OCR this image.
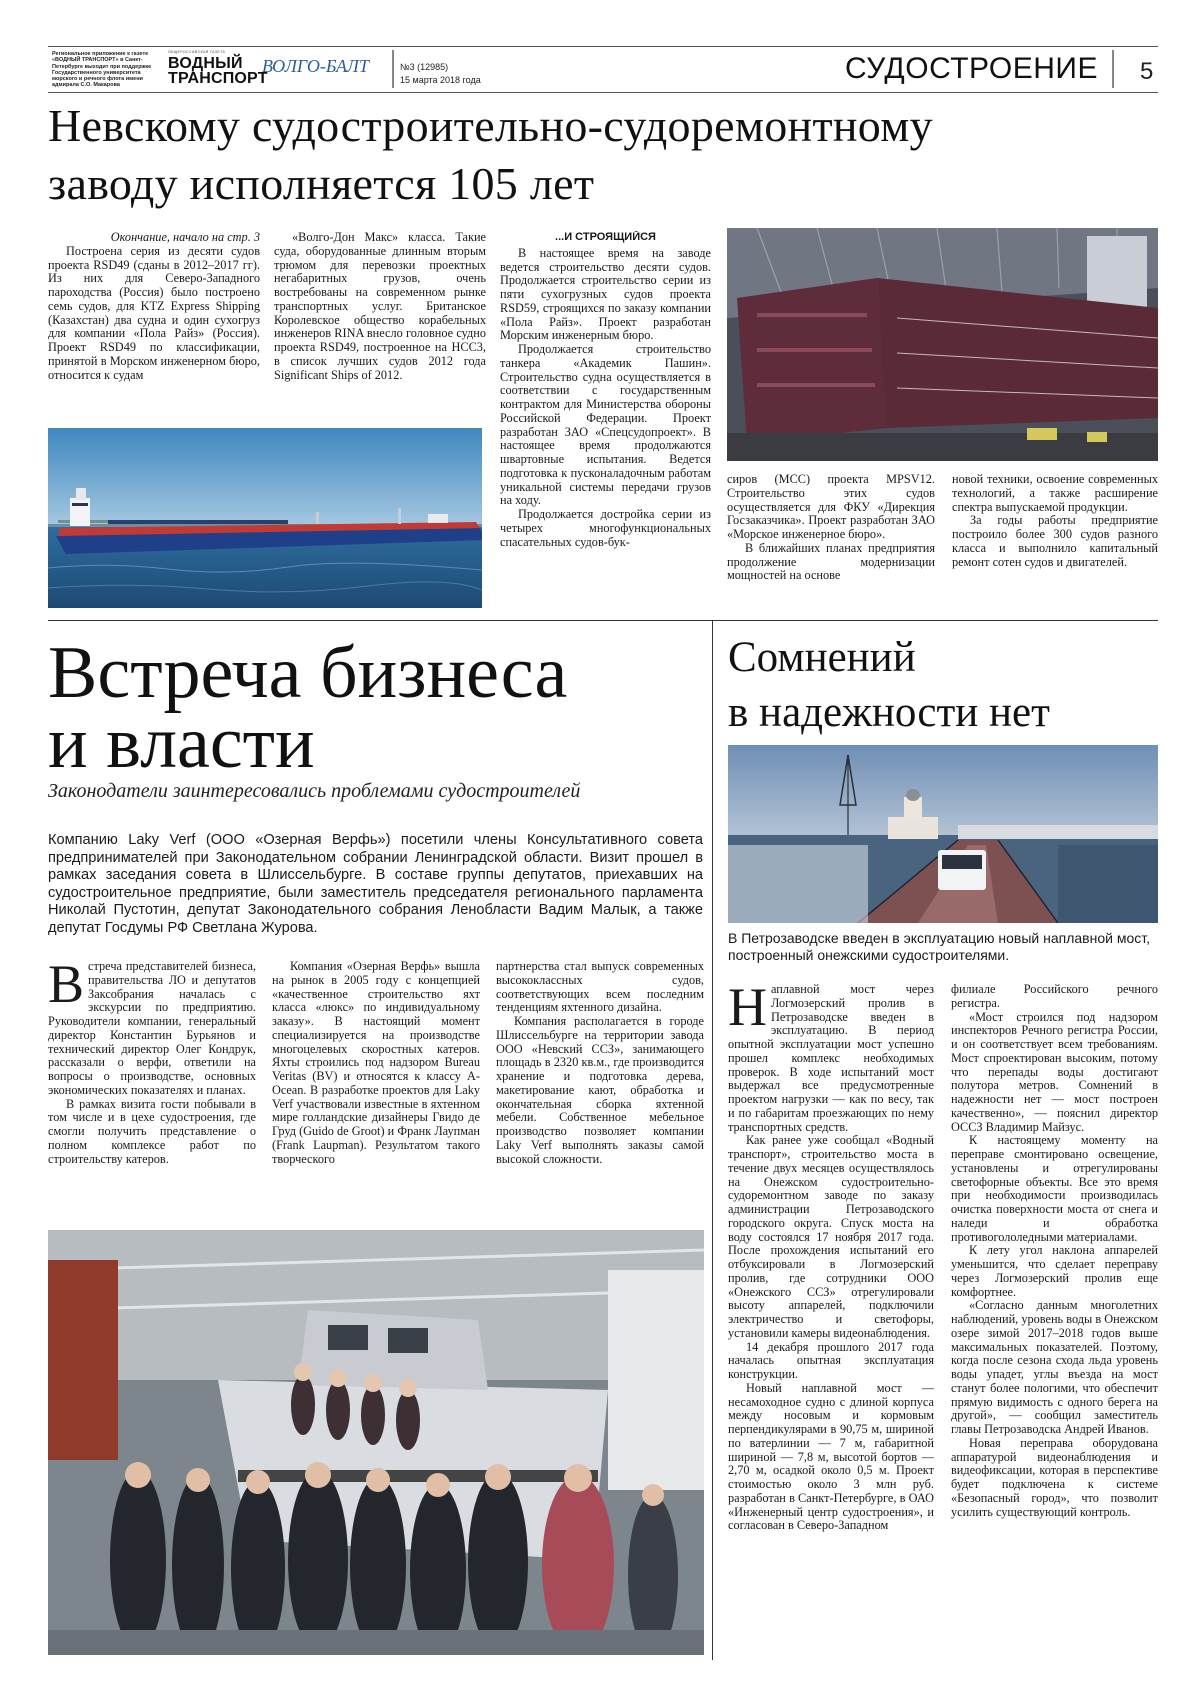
Региональное приложение к газете «ВОДНЫЙ ТРАНСПОРТ» в Санкт-Петербурге выходит при поддержке Государственного университета морского и речного флота имени адмирала С.О. Макарова
ОБЩЕРОССИЙСКАЯ ГАЗЕТА
ВОДНЫЙ
ТРАНСПОРТ
ВОЛГО-БАЛТ	№3 (12985)
15 марта 2018 года	СУДОСТРОЕНИЕ 5
Невскому судостроительно-судоремонтному
заводу исполняется 105 лет

Окончание, начало на стр. 3

Построена серия из десяти судов проекта RSD49 (сданы в 2012–2017 гг). Из них для Северо-Западного пароходства (Россия) было построено семь судов, для KTZ Express Shipping (Казахстан) два судна и один сухогруз для компании «Пола Райз» (Россия). Проект RSD49 по классификации, принятой в Морском инженерном бюро, относится к судам

«Волго-Дон Макс» класса. Такие суда, оборудованные длинным вторым трюмом для перевозки проектных негабаритных грузов, очень востребованы на современном рынке транспортных услуг. Британское Королевское общество корабельных инженеров RINA внесло головное судно проекта RSD49, построенное на НСС3, в список лучших судов 2012 года Significant Ships of 2012.

...И СТРОЯЩИЙСЯ

В настоящее время на заводе ведется строительство десяти судов. Продолжается строительство серии из пяти сухогрузных судов проекта RSD59, строящихся по заказу компании «Пола Райз». Проект разработан Морским инженерным бюро.

Продолжается строительство танкера «Академик Пашин». Строительство судна осуществляется в соответствии с государственным контрактом для Министерства обороны Российской Федерации. Проект разработан ЗАО «Спецсудопроект». В настоящее время продолжаются швартовные испытания. Ведется подготовка к пусконаладочным работам уникальной системы передачи грузов на ходу.

Продолжается достройка серии из четырех многофункциональных спасательных судов-бук-

сиров (МСС) проекта MPSV12. Строительство этих судов осуществляется для ФКУ «Дирекция Госзаказчика». Проект разработан ЗАО «Морское инженерное бюро».

В ближайших планах предприятия продолжение модернизации мощностей на основе

новой техники, освоение современных технологий, а также расширение спектра выпускаемой продукции.

За годы работы предприятие построило более 300 судов разного класса и выполнило капитальный ремонт сотен судов и двигателей.

Встреча бизнеса
и власти
Законодатели заинтересовались проблемами судостроителей
Компанию Laky Verf (ООО «Озерная Верфь») посетили члены Консультативного совета предпринимателей при Законодательном собрании Ленинградской области. Визит прошел в рамках заседания совета в Шлиссельбурге. В составе группы депутатов, приехавших на судостроительное предприятие, были заместитель председателя регионального парламента Николай Пустотин, депутат Законодательного собрания Ленобласти Вадим Малык, а также депутат Госдумы РФ Светлана Журова.
В стреча представителей бизнеса, правительства ЛО и депутатов Заксобрания началась с экскурсии по предприятию. Руководители компании, генеральный директор Константин Бурьянов и технический директор Олег Кондрук, рассказали о верфи, ответили на вопросы о производстве, основных экономических показателях и планах.

В рамках визита гости побывали в том числе и в цехе судостроения, где смогли получить представление о полном комплексе работ по строительству катеров.

Компания «Озерная Верфь» вышла на рынок в 2005 году с концепцией «качественное строительство яхт класса «люкс» по индивидуальному заказу». В настоящий момент специализируется на производстве многоцелевых скоростных катеров. Яхты строились под надзором Bureau Veritas (BV) и относятся к классу A-Ocean. В разработке проектов для Laky Verf участвовали известные в яхтенном мире голландские дизайнеры Гвидо де Груд (Guido de Groot) и Франк Лаупман (Frank Laupman). Результатом такого творческого

партнерства стал выпуск современных высококлассных судов, соответствующих всем последним тенденциям яхтенного дизайна.

Компания располагается в городе Шлиссельбурге на территории завода ООО «Невский ССЗ», занимающего площадь в 2320 кв.м., где производится хранение и подготовка дерева, макетирование кают, обработка и окончательная сборка яхтенной мебели. Собственное мебельное производство позволяет компании Laky Verf выполнять заказы самой высокой сложности.

Сомнений
в надежности нет
В Петрозаводске введен в эксплуатацию новый наплавной мост, построенный онежскими судостроителями.
Н аплавной мост через Логмозерский пролив в Петрозаводске введен в эксплуатацию. В период опытной эксплуатации мост успешно прошел комплекс необходимых проверок. В ходе испытаний мост выдержал все предусмотренные проектом нагрузки — как по весу, так и по габаритам проезжающих по нему транспортных средств.

Как ранее уже сообщал «Водный транспорт», строительство моста в течение двух месяцев осуществлялось на Онежском судостроительно-судоремонтном заводе по заказу администрации Петрозаводского городского округа. Спуск моста на воду состоялся 17 ноября 2017 года. После прохождения испытаний его отбуксировали в Логмозерский пролив, где сотрудники ООО «Онежского ССЗ» отрегулировали высоту аппарелей, подключили электричество и светофоры, установили камеры видеонаблюдения.

14 декабря прошлого 2017 года началась опытная эксплуатация конструкции.

Новый наплавной мост — несамоходное судно с длиной корпуса между носовым и кормовым перпендикулярами в 90,75 м, шириной по ватерлинии — 7 м, габаритной шириной — 7,8 м, высотой бортов — 2,70 м, осадкой около 0,5 м. Проект стоимостью около 3 млн руб. разработан в Санкт-Петербурге, в ОАО «Инженерный центр судостроения», и согласован в Северо-Западном

филиале Российского речного регистра.

«Мост строился под надзором инспекторов Речного регистра России, и он соответствует всем требованиям. Мост спроектирован высоким, потому что перепады воды достигают полутора метров. Сомнений в надежности нет — мост построен качественно», — пояснил директор ОССЗ Владимир Майзус.

К настоящему моменту на переправе смонтировано освещение, установлены и отрегулированы светофорные объекты. Все это время при необходимости производилась очистка поверхности моста от снега и наледи и обработка противогололедными материалами.

К лету угол наклона аппарелей уменьшится, что сделает переправу через Логмозерский пролив еще комфортнее.

«Согласно данным многолетних наблюдений, уровень воды в Онежском озере зимой 2017–2018 годов выше максимальных показателей. Поэтому, когда после сезона схода льда уровень воды упадет, углы въезда на мост станут более пологими, что обеспечит прямую видимость с одного берега на другой», — сообщил заместитель главы Петрозаводска Андрей Иванов.

Новая переправа оборудована аппаратурой видеонаблюдения и видеофиксации, которая в перспективе будет подключена к системе «Безопасный город», что позволит усилить существующий контроль.
